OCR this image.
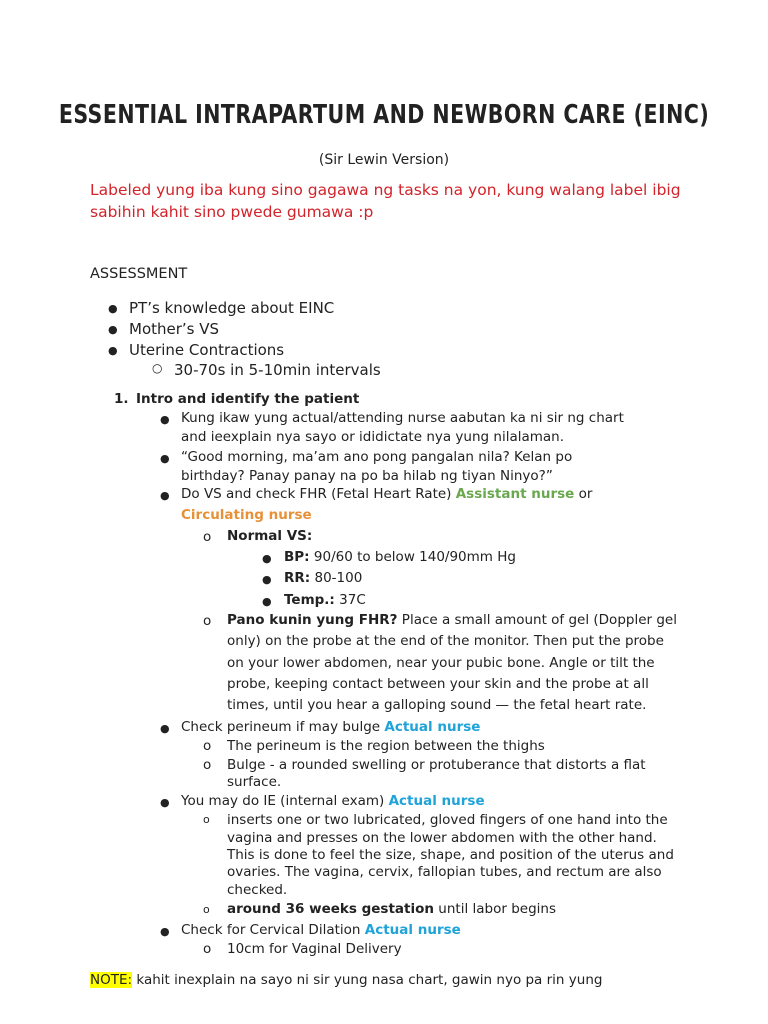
ESSENTIAL INTRAPARTUM AND NEWBORN CARE (EINC)
(Sir Lewin Version)
Labeled yung iba kung sino gagawa ng tasks na yon, kung walang label ibig
sabihin kahit sino pwede gumawa :p
ASSESSMENT
● PT’s knowledge about EINC
● Mother’s VS
● Uterine Contractions
○ 30-70s in 5-10min intervals
1. Intro and identify the patient
● Kung ikaw yung actual/attending nurse aabutan ka ni sir ng chart
and ieexplain nya sayo or ididictate nya yung nilalaman.
● “Good morning, ma’am ano pong pangalan nila? Kelan po
birthday? Panay panay na po ba hilab ng tiyan Ninyo?”
● Do VS and check FHR (Fetal Heart Rate) Assistant nurse or
Circulating nurse
o Normal VS:
● BP: 90/60 to below 140/90mm Hg
● RR: 80-100
● Temp.: 37C
o Pano kunin yung FHR? Place a small amount of gel (Doppler gel
only) on the probe at the end of the monitor. Then put the probe
on your lower abdomen, near your pubic bone. Angle or tilt the
probe, keeping contact between your skin and the probe at all
times, until you hear a galloping sound — the fetal heart rate.
● Check perineum if may bulge Actual nurse
o The perineum is the region between the thighs
o Bulge - a rounded swelling or protuberance that distorts a flat
surface.
● You may do IE (internal exam) Actual nurse
o inserts one or two lubricated, gloved fingers of one hand into the
vagina and presses on the lower abdomen with the other hand.
This is done to feel the size, shape, and position of the uterus and
ovaries. The vagina, cervix, fallopian tubes, and rectum are also
checked.
o around 36 weeks gestation until labor begins
● Check for Cervical Dilation Actual nurse
o 10cm for Vaginal Delivery
NOTE: kahit inexplain na sayo ni sir yung nasa chart, gawin nyo pa rin yung
